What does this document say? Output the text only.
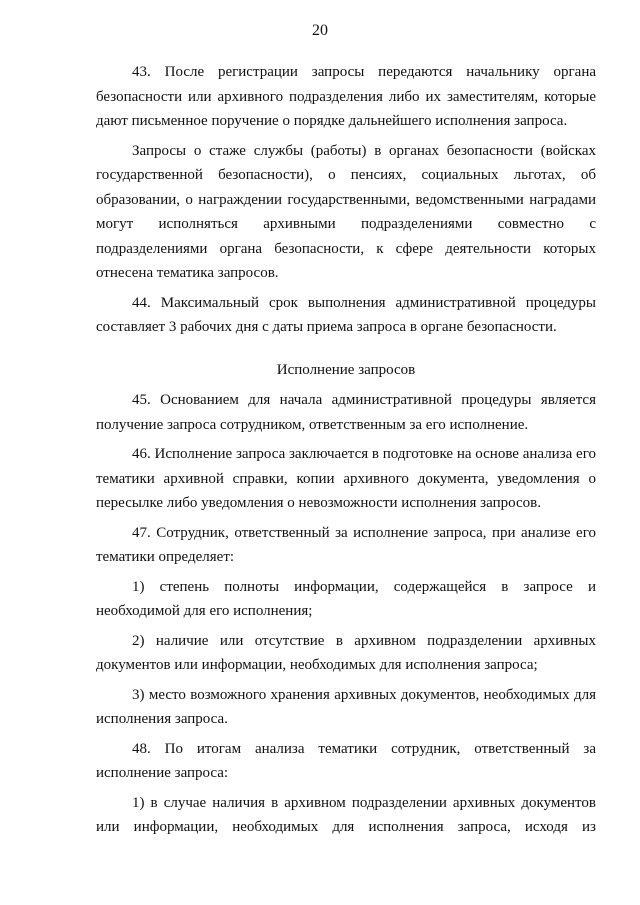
20

43. После регистрации запросы передаются начальнику органа безопасности или архивного подразделения либо их заместителям, которые дают письменное поручение о порядке дальнейшего исполнения запроса.

Запросы о стаже службы (работы) в органах безопасности (войсках государственной безопасности), о пенсиях, социальных льготах, об образовании, о награждении государственными, ведомственными наградами могут исполняться архивными подразделениями совместно с подразделениями органа безопасности, к сфере деятельности которых отнесена тематика запросов.

44. Максимальный срок выполнения административной процедуры составляет 3 рабочих дня с даты приема запроса в органе безопасности.

Исполнение запросов

45. Основанием для начала административной процедуры является получение запроса сотрудником, ответственным за его исполнение.

46. Исполнение запроса заключается в подготовке на основе анализа его тематики архивной справки, копии архивного документа, уведомления о пересылке либо уведомления о невозможности исполнения запросов.

47. Сотрудник, ответственный за исполнение запроса, при анализе его тематики определяет:

1) степень полноты информации, содержащейся в запросе и необходимой для его исполнения;

2) наличие или отсутствие в архивном подразделении архивных документов или информации, необходимых для исполнения запроса;

3) место возможного хранения архивных документов, необходимых для исполнения запроса.

48. По итогам анализа тематики сотрудник, ответственный за исполнение запроса:

1) в случае наличия в архивном подразделении архивных документов или информации, необходимых для исполнения запроса, исходя из
